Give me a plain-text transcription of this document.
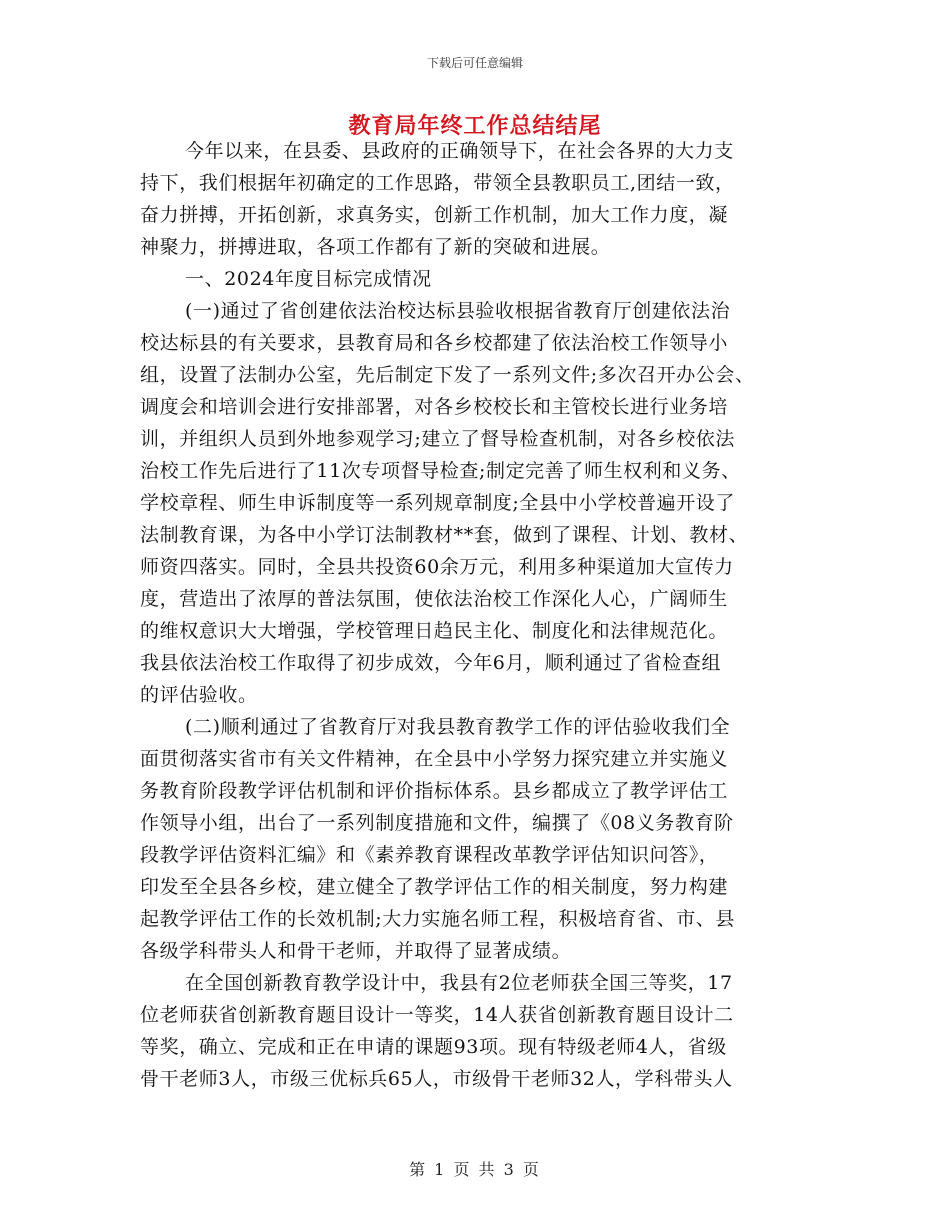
下载后可任意编辑
教育局年终工作总结结尾
今年以来，在县委、县政府的正确领导下，在社会各界的大力支
持下，我们根据年初确定的工作思路，带领全县教职员工,团结一致，
奋力拼搏，开拓创新，求真务实，创新工作机制，加大工作力度，凝
神聚力，拼搏进取，各项工作都有了新的突破和进展。
一、2024年度目标完成情况
(一)通过了省创建依法治校达标县验收根据省教育厅创建依法治
校达标县的有关要求，县教育局和各乡校都建了依法治校工作领导小
组，设置了法制办公室，先后制定下发了一系列文件;多次召开办公会、
调度会和培训会进行安排部署，对各乡校校长和主管校长进行业务培
训，并组织人员到外地参观学习;建立了督导检查机制，对各乡校依法
治校工作先后进行了11次专项督导检查;制定完善了师生权利和义务、
学校章程、师生申诉制度等一系列规章制度;全县中小学校普遍开设了
法制教育课，为各中小学订法制教材**套，做到了课程、计划、教材、
师资四落实。同时，全县共投资60余万元，利用多种渠道加大宣传力
度，营造出了浓厚的普法氛围，使依法治校工作深化人心，广阔师生
的维权意识大大增强，学校管理日趋民主化、制度化和法律规范化。
我县依法治校工作取得了初步成效，今年6月，顺利通过了省检查组
的评估验收。
(二)顺利通过了省教育厅对我县教育教学工作的评估验收我们全
面贯彻落实省市有关文件精神，在全县中小学努力探究建立并实施义
务教育阶段教学评估机制和评价指标体系。县乡都成立了教学评估工
作领导小组，出台了一系列制度措施和文件，编撰了《08义务教育阶
段教学评估资料汇编》和《素养教育课程改革教学评估知识问答》，
印发至全县各乡校，建立健全了教学评估工作的相关制度，努力构建
起教学评估工作的长效机制;大力实施名师工程，积极培育省、市、县
各级学科带头人和骨干老师，并取得了显著成绩。
在全国创新教育教学设计中，我县有2位老师获全国三等奖，17
位老师获省创新教育题目设计一等奖，14人获省创新教育题目设计二
等奖，确立、完成和正在申请的课题93项。现有特级老师4人，省级
骨干老师3人，市级三优标兵65人，市级骨干老师32人，学科带头人
第 1 页 共 3 页
